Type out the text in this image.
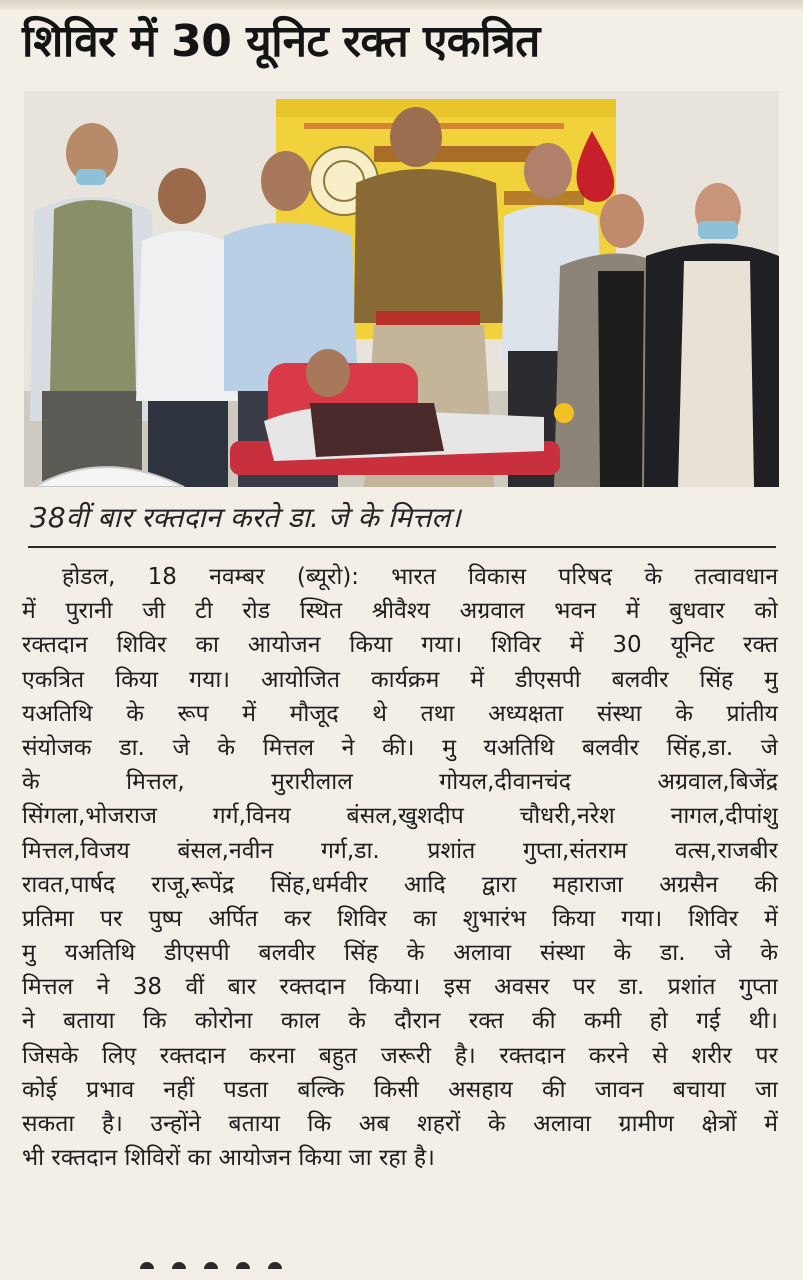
शिविर में 30 यूनिट रक्त एकत्रित
38वीं बार रक्तदान करते डा. जे के मित्तल।
होडल, 18 नवम्बर (ब्यूरो): भारत विकास परिषद के तत्वावधान
में पुरानी जी टी रोड स्थित श्रीवैश्य अग्रवाल भवन में बुधवार को
रक्तदान शिविर का आयोजन किया गया। शिविर में 30 यूनिट रक्त
एकत्रित किया गया। आयोजित कार्यक्रम में डीएसपी बलवीर सिंह मु
यअतिथि के रूप में मौजूद थे तथा अध्यक्षता संस्था के प्रांतीय
संयोजक डा. जे के मित्तल ने की। मु यअतिथि बलवीर सिंह,डा. जे
के मित्तल, मुरारीलाल गोयल,दीवानचंद अग्रवाल,बिजेंद्र
सिंगला,भोजराज गर्ग,विनय बंसल,खुशदीप चौधरी,नरेश नागल,दीपांशु
मित्तल,विजय बंसल,नवीन गर्ग,डा. प्रशांत गुप्ता,संतराम वत्स,राजबीर
रावत,पार्षद राजू,रूपेंद्र सिंह,धर्मवीर आदि द्वारा महाराजा अग्रसैन की
प्रतिमा पर पुष्प अर्पित कर शिविर का शुभारंभ किया गया। शिविर में
मु यअतिथि डीएसपी बलवीर सिंह के अलावा संस्था के डा. जे के
मित्तल ने 38 वीं बार रक्तदान किया। इस अवसर पर डा. प्रशांत गुप्ता
ने बताया कि कोरोना काल के दौरान रक्त की कमी हो गई थी।
जिसके लिए रक्तदान करना बहुत जरूरी है। रक्तदान करने से शरीर पर
कोई प्रभाव नहीं पडता बल्कि किसी असहाय की जावन बचाया जा
सकता है। उन्होंने बताया कि अब शहरों के अलावा ग्रामीण क्षेत्रों में
भी रक्तदान शिविरों का आयोजन किया जा रहा है।
